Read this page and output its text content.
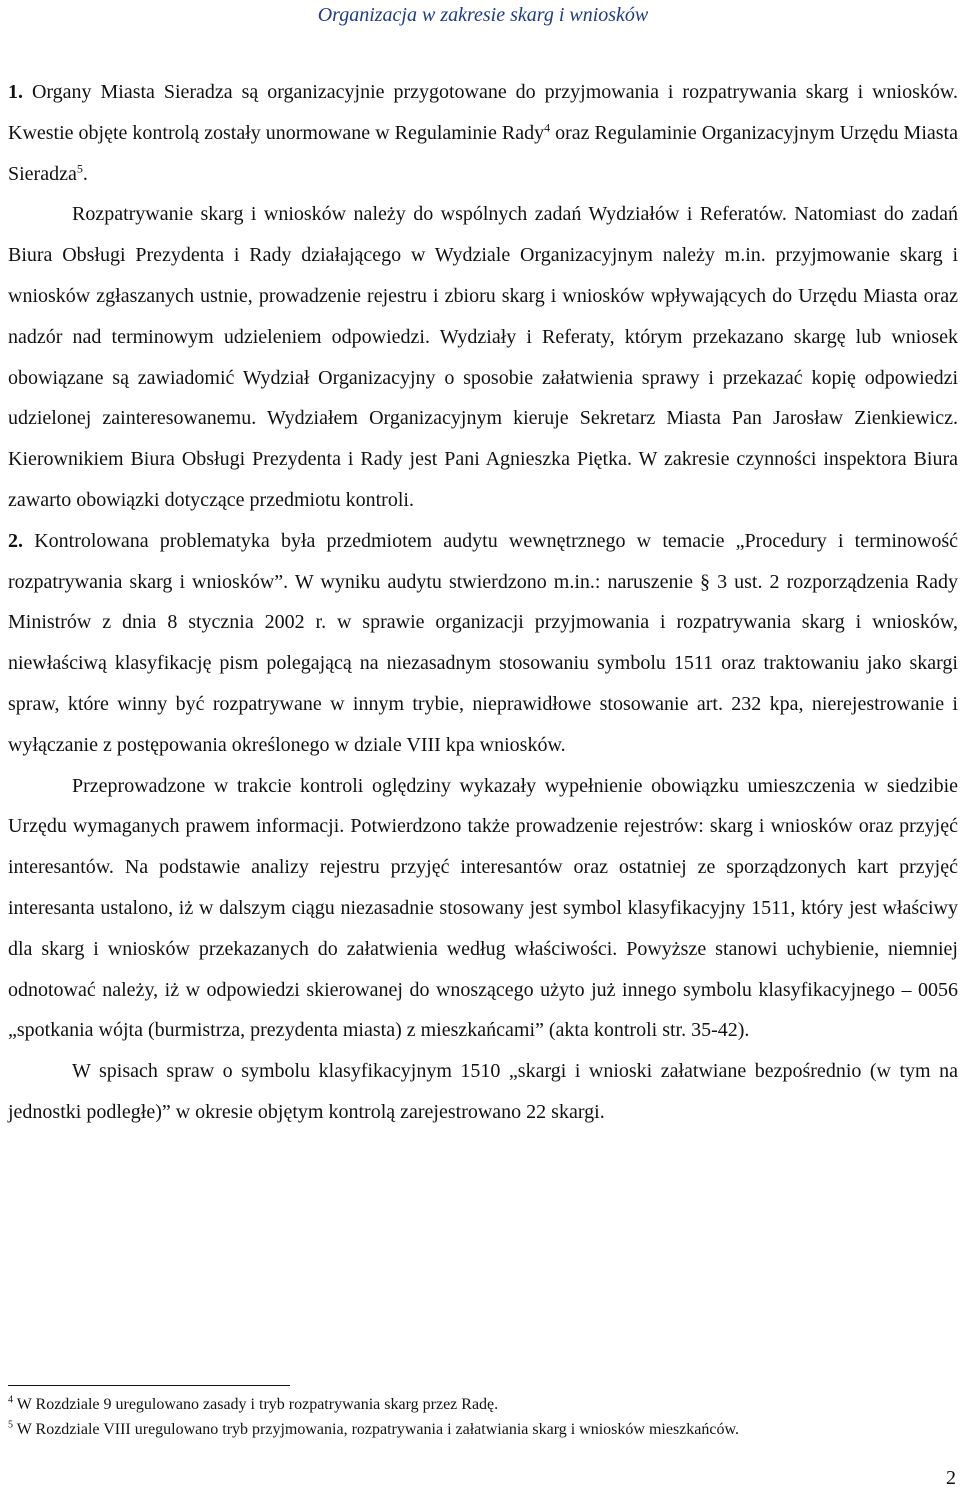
Organizacja w zakresie skarg i wniosków

1. Organy Miasta Sieradza są organizacyjnie przygotowane do przyjmowania i rozpatrywania skarg i wniosków. Kwestie objęte kontrolą zostały unormowane w Regulaminie Rady$^4$ oraz Regulaminie Organizacyjnym Urzędu Miasta Sieradza$^5$.

Rozpatrywanie skarg i wniosków należy do wspólnych zadań Wydziałów i Referatów. Natomiast do zadań Biura Obsługi Prezydenta i Rady działającego w Wydziale Organizacyjnym należy m.in. przyjmowanie skarg i wniosków zgłaszanych ustnie, prowadzenie rejestru i zbioru skarg i wniosków wpływających do Urzędu Miasta oraz nadzór nad terminowym udzieleniem odpowiedzi. Wydziały i Referaty, którym przekazano skargę lub wniosek obowiązane są zawiadomić Wydział Organizacyjny o sposobie załatwienia sprawy i przekazać kopię odpowiedzi udzielonej zainteresowanemu. Wydziałem Organizacyjnym kieruje Sekretarz Miasta Pan Jarosław Zienkiewicz. Kierownikiem Biura Obsługi Prezydenta i Rady jest Pani Agnieszka Piętka. W zakresie czynności inspektora Biura zawarto obowiązki dotyczące przedmiotu kontroli.

2. Kontrolowana problematyka była przedmiotem audytu wewnętrznego w temacie „Procedury i terminowość rozpatrywania skarg i wniosków”. W wyniku audytu stwierdzono m.in.: naruszenie § 3 ust. 2 rozporządzenia Rady Ministrów z dnia 8 stycznia 2002 r. w sprawie organizacji przyjmowania i rozpatrywania skarg i wniosków, niewłaściwą klasyfikację pism polegającą na niezasadnym stosowaniu symbolu 1511 oraz traktowaniu jako skargi spraw, które winny być rozpatrywane w innym trybie, nieprawidłowe stosowanie art. 232 kpa, nierejestrowanie i wyłączanie z postępowania określonego w dziale VIII kpa wniosków.

Przeprowadzone w trakcie kontroli oględziny wykazały wypełnienie obowiązku umieszczenia w siedzibie Urzędu wymaganych prawem informacji. Potwierdzono także prowadzenie rejestrów: skarg i wniosków oraz przyjęć interesantów. Na podstawie analizy rejestru przyjęć interesantów oraz ostatniej ze sporządzonych kart przyjęć interesanta ustalono, iż w dalszym ciągu niezasadnie stosowany jest symbol klasyfikacyjny 1511, który jest właściwy dla skarg i wniosków przekazanych do załatwienia według właściwości. Powyższe stanowi uchybienie, niemniej odnotować należy, iż w odpowiedzi skierowanej do wnoszącego użyto już innego symbolu klasyfikacyjnego – 0056 „spotkania wójta (burmistrza, prezydenta miasta) z mieszkańcami” (akta kontroli str. 35-42).

W spisach spraw o symbolu klasyfikacyjnym 1510 „skargi i wnioski załatwiane bezpośrednio (w tym na jednostki podległe)” w okresie objętym kontrolą zarejestrowano 22 skargi.

$^4$ W Rozdziale 9 uregulowano zasady i tryb rozpatrywania skarg przez Radę.

$^5$ W Rozdziale VIII uregulowano tryb przyjmowania, rozpatrywania i załatwiania skarg i wniosków mieszkańców.

2
